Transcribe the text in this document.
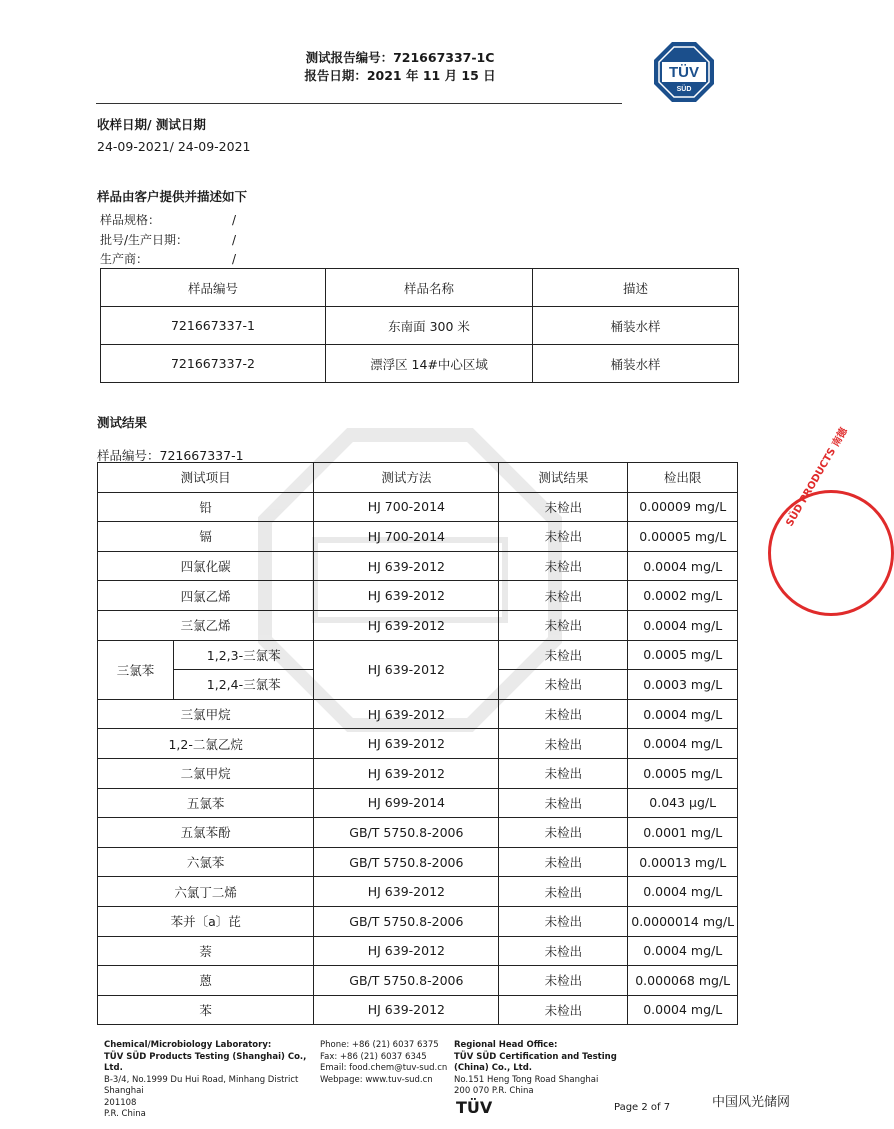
测试报告编号：721667337-1C
报告日期：2021 年 11 月 15 日	TÜV
SÜD
收样日期/ 测试日期
24-09-2021/ 24-09-2021
样品由客户提供并描述如下
样品规格：	/
批号/生产日期：	/
生产商：	/
样品编号	样品名称	描述
721667337-1	东南面 300 米	桶装水样
721667337-2	漂浮区 14#中心区域	桶装水样
测试结果
样品编号：721667337-1
测试项目		测试方法	测试结果	检出限
铅		HJ 700-2014	未检出	0.00009 mg/L
镉		HJ 700-2014	未检出	0.00005 mg/L
四氯化碳		HJ 639-2012	未检出	0.0004 mg/L
四氯乙烯		HJ 639-2012	未检出	0.0002 mg/L
三氯乙烯		HJ 639-2012	未检出	0.0004 mg/L
三氯苯	1,2,3-三氯苯	HJ 639-2012	未检出	0.0005 mg/L
	1,2,4-三氯苯		未检出	0.0003 mg/L
三氯甲烷		HJ 639-2012	未检出	0.0004 mg/L
1,2-二氯乙烷		HJ 639-2012	未检出	0.0004 mg/L
二氯甲烷		HJ 639-2012	未检出	0.0005 mg/L
五氯苯		HJ 699-2014	未检出	0.043 μg/L
五氯苯酚		GB/T 5750.8-2006	未检出	0.0001 mg/L
六氯苯		GB/T 5750.8-2006	未检出	0.00013 mg/L
六氯丁二烯		HJ 639-2012	未检出	0.0004 mg/L
苯并〔a〕芘		GB/T 5750.8-2006	未检出	0.0000014 mg/L
萘		HJ 639-2012	未检出	0.0004 mg/L
蒽		GB/T 5750.8-2006	未检出	0.000068 mg/L
苯		HJ 639-2012	未检出	0.0004 mg/L
SÜD PRODUCTS 南德
Chemical/Microbiology Laboratory:
TÜV SÜD Products Testing (Shanghai) Co., Ltd.
B-3/4, No.1999 Du Hui Road, Minhang District
Shanghai
201108
P.R. China
Phone: +86 (21) 6037 6375
Fax: +86 (21) 6037 6345
Email: food.chem@tuv-sud.cn
Webpage: www.tuv-sud.cn
Regional Head Office:
TÜV SÜD Certification and Testing
(China) Co., Ltd.
No.151 Heng Tong Road Shanghai
200 070 P.R. China
TÜV	Page 2 of 7	中国风光储网
